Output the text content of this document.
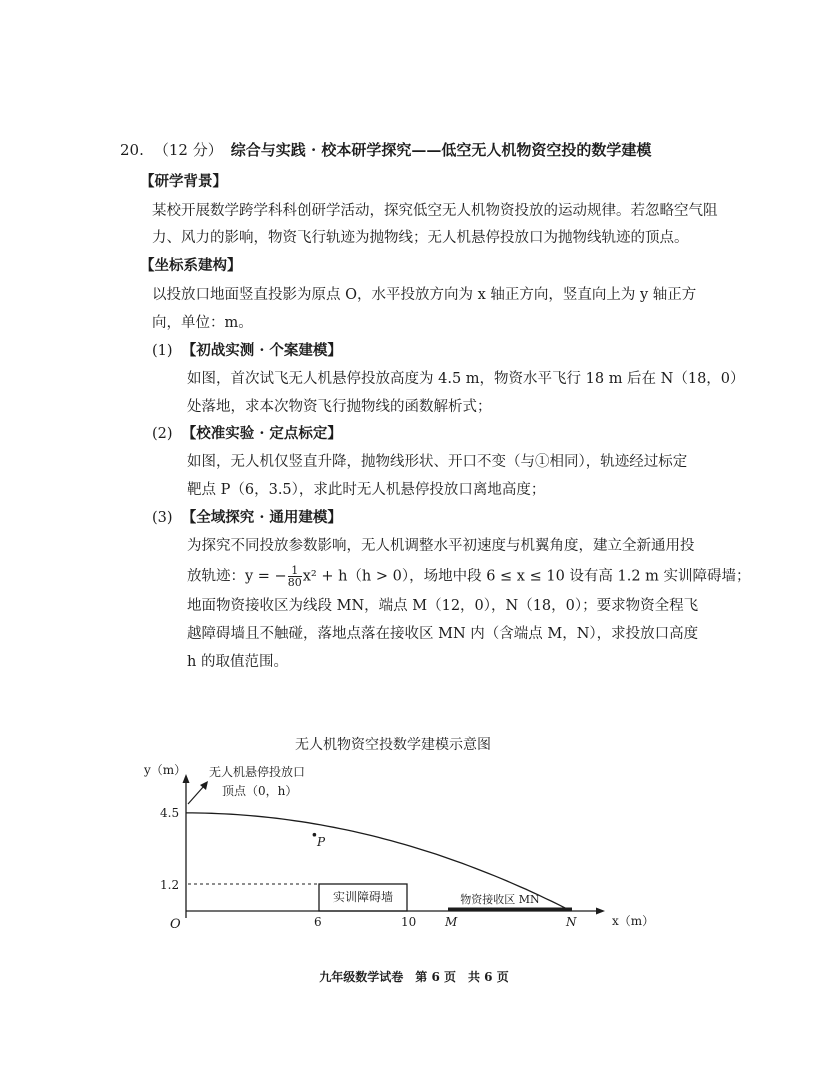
20. （12 分） 综合与实践 · 校本研学探究——低空无人机物资空投的数学建模
【研学背景】
某校开展数学跨学科科创研学活动，探究低空无人机物资投放的运动规律。若忽略空气阻
力、风力的影响，物资飞行轨迹为抛物线；无人机悬停投放口为抛物线轨迹的顶点。
【坐标系建构】
以投放口地面竖直投影为原点 O，水平投放方向为 x 轴正方向，竖直向上为 y 轴正方
向，单位：m。
(1) 【初战实测 · 个案建模】
如图，首次试飞无人机悬停投放高度为 4.5 m，物资水平飞行 18 m 后在 N（18，0）
处落地，求本次物资飞行抛物线的函数解析式；
(2) 【校准实验 · 定点标定】
如图，无人机仅竖直升降，抛物线形状、开口不变（与①相同），轨迹经过标定
靶点 P（6，3.5），求此时无人机悬停投放口离地高度；
(3) 【全域探究 · 通用建模】
为探究不同投放参数影响，无人机调整水平初速度与机翼角度，建立全新通用投
放轨迹：y = − $\frac{1}{80} x^2 + h(h > 0)$，场地中段 6 ≤ x ≤ 10 设有高 1.2 m 实训障碍墙；
地面物资接收区为线段 MN，端点 M（12，0），N（18，0）；要求物资全程飞
越障碍墙且不触碰，落地点落在接收区 MN 内（含端点 M，N），求投放口高度
h 的取值范围。
无人机物资空投数学建模示意图
y（m）
x（m）
O
4.5
1.2
6	10 M	N
实训障碍墙	物资接收区 MN
P
无人机悬停投放口
顶点（0，h）
九年级数学试卷 第 6 页 共 6 页
